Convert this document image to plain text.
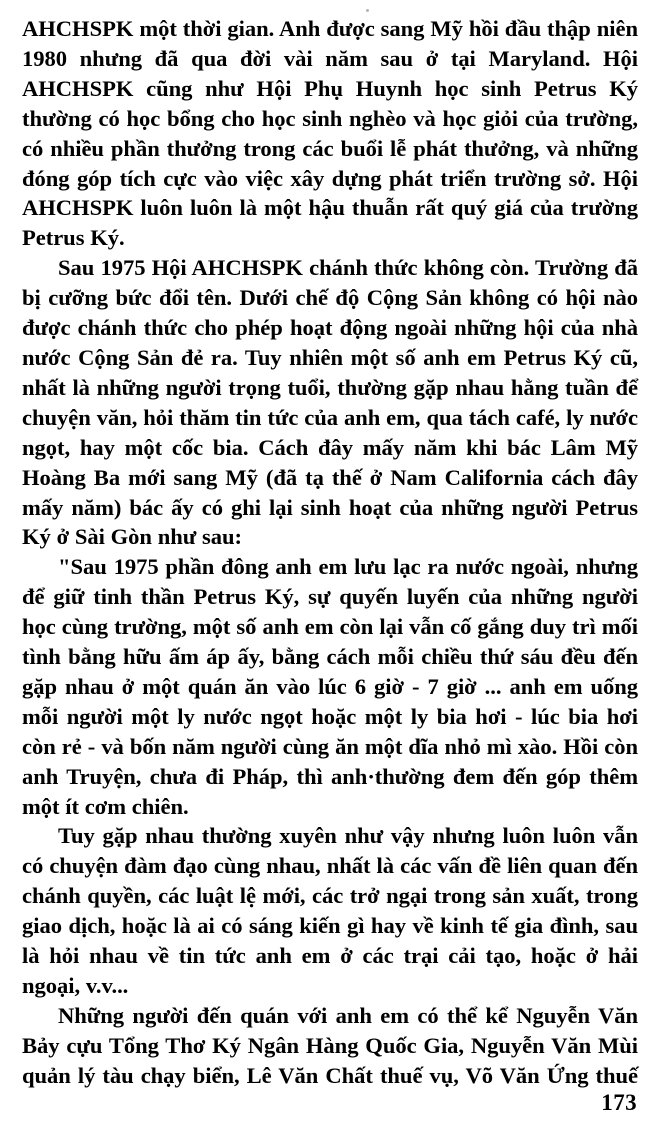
AHCHSPK một thời gian. Anh được sang Mỹ hồi đầu thập niên 1980 nhưng đã qua đời vài năm sau ở tại Maryland. Hội AHCHSPK cũng như Hội Phụ Huynh học sinh Petrus Ký thường có học bổng cho học sinh nghèo và học giỏi của trường, có nhiều phần thưởng trong các buổi lễ phát thưởng, và những đóng góp tích cực vào việc xây dựng phát triển trường sở. Hội AHCHSPK luôn luôn là một hậu thuẫn rất quý giá của trường Petrus Ký.

Sau 1975 Hội AHCHSPK chánh thức không còn. Trường đã bị cưỡng bức đổi tên. Dưới chế độ Cộng Sản không có hội nào được chánh thức cho phép hoạt động ngoài những hội của nhà nước Cộng Sản đẻ ra. Tuy nhiên một số anh em Petrus Ký cũ, nhất là những người trọng tuổi, thường gặp nhau hằng tuần để chuyện văn, hỏi thăm tin tức của anh em, qua tách café, ly nước ngọt, hay một cốc bia. Cách đây mấy năm khi bác Lâm Mỹ Hoàng Ba mới sang Mỹ (đã tạ thế ở Nam California cách đây mấy năm) bác ấy có ghi lại sinh hoạt của những người Petrus Ký ở Sài Gòn như sau:

"Sau 1975 phần đông anh em lưu lạc ra nước ngoài, nhưng để giữ tinh thần Petrus Ký, sự quyến luyến của những người học cùng trường, một số anh em còn lại vẫn cố gắng duy trì mối tình bằng hữu ấm áp ấy, bằng cách mỗi chiều thứ sáu đều đến gặp nhau ở một quán ăn vào lúc 6 giờ - 7 giờ ... anh em uống mỗi người một ly nước ngọt hoặc một ly bia hơi - lúc bia hơi còn rẻ - và bốn năm người cùng ăn một dĩa nhỏ mì xào. Hồi còn anh Truyện, chưa đi Pháp, thì anh·thường đem đến góp thêm một ít cơm chiên.

Tuy gặp nhau thường xuyên như vậy nhưng luôn luôn vẫn có chuyện đàm đạo cùng nhau, nhất là các vấn đề liên quan đến chánh quyền, các luật lệ mới, các trở ngại trong sản xuất, trong giao dịch, hoặc là ai có sáng kiến gì hay về kinh tế gia đình, sau là hỏi nhau về tin tức anh em ở các trại cải tạo, hoặc ở hải ngoại, v.v...

Những người đến quán với anh em có thể kể Nguyễn Văn Bảy cựu Tổng Thơ Ký Ngân Hàng Quốc Gia, Nguyễn Văn Mùi quản lý tàu chạy biển, Lê Văn Chất thuế vụ, Võ Văn Ứng thuế

173
